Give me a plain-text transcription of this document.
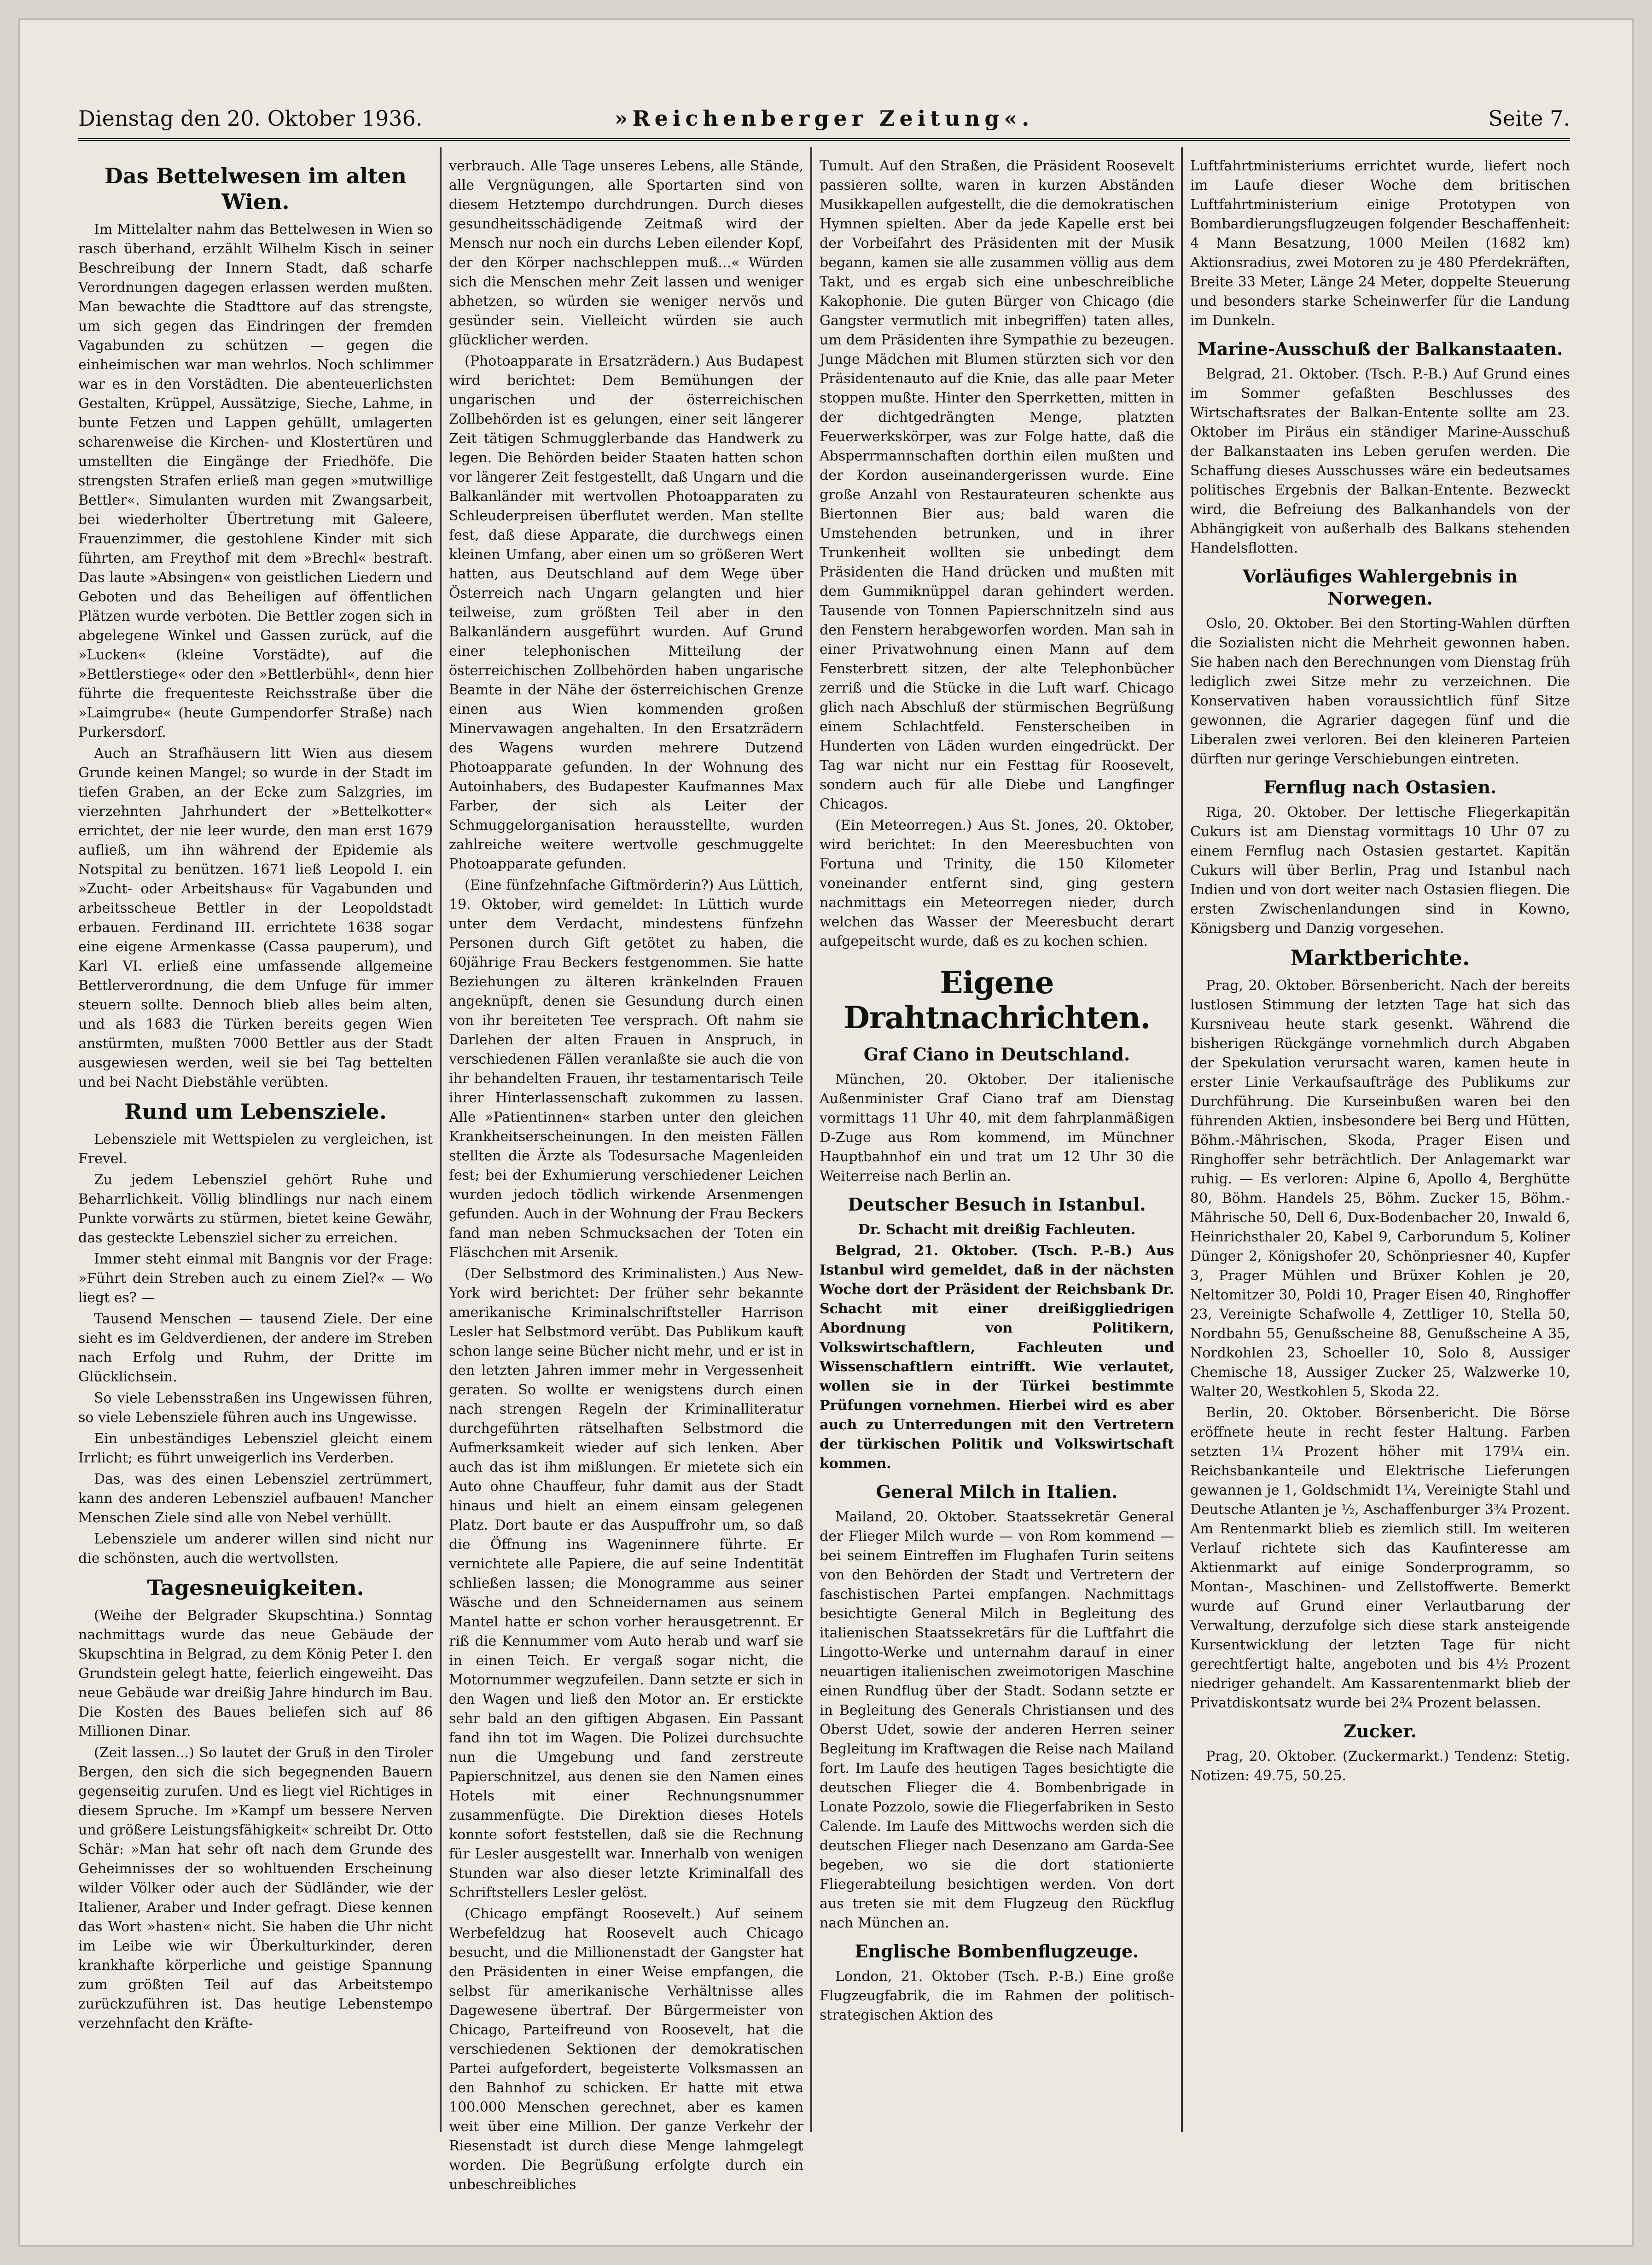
»Reichenberger Zeitung«.
Dienstag den 20. Oktober 1936.	Seite 7.
Das Bettelwesen im alten Wien.

Im Mittelalter nahm das Bettelwesen in Wien so rasch überhand, erzählt Wilhelm Kisch in seiner Beschreibung der Innern Stadt, daß scharfe Verordnungen dagegen erlassen werden mußten. Man bewachte die Stadttore auf das strengste, um sich gegen das Eindringen der fremden Vagabunden zu schützen — gegen die einheimischen war man wehrlos. Noch schlimmer war es in den Vorstädten. Die abenteuerlichsten Gestalten, Krüppel, Aussätzige, Sieche, Lahme, in bunte Fetzen und Lappen gehüllt, umlagerten scharenweise die Kirchen- und Klostertüren und umstellten die Eingänge der Friedhöfe. Die strengsten Strafen erließ man gegen »mutwillige Bettler«. Simulanten wurden mit Zwangsarbeit, bei wiederholter Übertretung mit Galeere, Frauenzimmer, die gestohlene Kinder mit sich führten, am Freythof mit dem »Brechl« bestraft. Das laute »Absingen« von geistlichen Liedern und Geboten und das Beheiligen auf öffentlichen Plätzen wurde verboten. Die Bettler zogen sich in abgelegene Winkel und Gassen zurück, auf die »Lucken« (kleine Vorstädte), auf die »Bettlerstiege« oder den »Bettlerbühl«, denn hier führte die frequenteste Reichsstraße über die »Laimgrube« (heute Gumpendorfer Straße) nach Purkersdorf.

Auch an Strafhäusern litt Wien aus diesem Grunde keinen Mangel; so wurde in der Stadt im tiefen Graben, an der Ecke zum Salzgries, im vierzehnten Jahrhundert der »Bettelkotter« errichtet, der nie leer wurde, den man erst 1679 aufließ, um ihn während der Epidemie als Notspital zu benützen. 1671 ließ Leopold I. ein »Zucht- oder Arbeitshaus« für Vagabunden und arbeitsscheue Bettler in der Leopoldstadt erbauen. Ferdinand III. errichtete 1638 sogar eine eigene Armenkasse (Cassa pauperum), und Karl VI. erließ eine umfassende allgemeine Bettlerverordnung, die dem Unfuge für immer steuern sollte. Dennoch blieb alles beim alten, und als 1683 die Türken bereits gegen Wien anstürmten, mußten 7000 Bettler aus der Stadt ausgewiesen werden, weil sie bei Tag bettelten und bei Nacht Diebstähle verübten.

Rund um Lebensziele.

Lebensziele mit Wettspielen zu vergleichen, ist Frevel.

Zu jedem Lebensziel gehört Ruhe und Beharrlichkeit. Völlig blindlings nur nach einem Punkte vorwärts zu stürmen, bietet keine Gewähr, das gesteckte Lebensziel sicher zu erreichen.

Immer steht einmal mit Bangnis vor der Frage: »Führt dein Streben auch zu einem Ziel?« — Wo liegt es? —

Tausend Menschen — tausend Ziele. Der eine sieht es im Geldverdienen, der andere im Streben nach Erfolg und Ruhm, der Dritte im Glücklichsein.

So viele Lebensstraßen ins Ungewissen führen, so viele Lebensziele führen auch ins Ungewisse.

Ein unbeständiges Lebensziel gleicht einem Irrlicht; es führt unweigerlich ins Verderben.

Das, was des einen Lebensziel zertrümmert, kann des anderen Lebensziel aufbauen! Mancher Menschen Ziele sind alle von Nebel verhüllt.

Lebensziele um anderer willen sind nicht nur die schönsten, auch die wertvollsten.

Tagesneuigkeiten.

(Weihe der Belgrader Skupschtina.) Sonntag nachmittags wurde das neue Gebäude der Skupschtina in Belgrad, zu dem König Peter I. den Grundstein gelegt hatte, feierlich eingeweiht. Das neue Gebäude war dreißig Jahre hindurch im Bau. Die Kosten des Baues beliefen sich auf 86 Millionen Dinar.

(Zeit lassen...) So lautet der Gruß in den Tiroler Bergen, den sich die sich begegnenden Bauern gegenseitig zurufen. Und es liegt viel Richtiges in diesem Spruche. Im »Kampf um bessere Nerven und größere Leistungsfähigkeit« schreibt Dr. Otto Schär: »Man hat sehr oft nach dem Grunde des Geheimnisses der so wohltuenden Erscheinung wilder Völker oder auch der Südländer, wie der Italiener, Araber und Inder gefragt. Diese kennen das Wort »hasten« nicht. Sie haben die Uhr nicht im Leibe wie wir Überkulturkinder, deren krankhafte körperliche und geistige Spannung zum größten Teil auf das Arbeitstempo zurückzuführen ist. Das heutige Lebenstempo verzehnfacht den Kräfte-

verbrauch. Alle Tage unseres Lebens, alle Stände, alle Vergnügungen, alle Sportarten sind von diesem Hetztempo durchdrungen. Durch dieses gesundheitsschädigende Zeitmaß wird der Mensch nur noch ein durchs Leben eilender Kopf, der den Körper nachschleppen muß...« Würden sich die Menschen mehr Zeit lassen und weniger abhetzen, so würden sie weniger nervös und gesünder sein. Vielleicht würden sie auch glücklicher werden.

(Photoapparate in Ersatzrädern.) Aus Budapest wird berichtet: Dem Bemühungen der ungarischen und der österreichischen Zollbehörden ist es gelungen, einer seit längerer Zeit tätigen Schmugglerbande das Handwerk zu legen. Die Behörden beider Staaten hatten schon vor längerer Zeit festgestellt, daß Ungarn und die Balkanländer mit wertvollen Photoapparaten zu Schleuderpreisen überflutet werden. Man stellte fest, daß diese Apparate, die durchwegs einen kleinen Umfang, aber einen um so größeren Wert hatten, aus Deutschland auf dem Wege über Österreich nach Ungarn gelangten und hier teilweise, zum größten Teil aber in den Balkanländern ausgeführt wurden. Auf Grund einer telephonischen Mitteilung der österreichischen Zollbehörden haben ungarische Beamte in der Nähe der österreichischen Grenze einen aus Wien kommenden großen Minervawagen angehalten. In den Ersatzrädern des Wagens wurden mehrere Dutzend Photoapparate gefunden. In der Wohnung des Autoinhabers, des Budapester Kaufmannes Max Farber, der sich als Leiter der Schmuggelorganisation herausstellte, wurden zahlreiche weitere wertvolle geschmuggelte Photoapparate gefunden.

(Eine fünfzehnfache Giftmörderin?) Aus Lüttich, 19. Oktober, wird gemeldet: In Lüttich wurde unter dem Verdacht, mindestens fünfzehn Personen durch Gift getötet zu haben, die 60jährige Frau Beckers festgenommen. Sie hatte Beziehungen zu älteren kränkelnden Frauen angeknüpft, denen sie Gesundung durch einen von ihr bereiteten Tee versprach. Oft nahm sie Darlehen der alten Frauen in Anspruch, in verschiedenen Fällen veranlaßte sie auch die von ihr behandelten Frauen, ihr testamentarisch Teile ihrer Hinterlassenschaft zukommen zu lassen. Alle »Patientinnen« starben unter den gleichen Krankheitserscheinungen. In den meisten Fällen stellten die Ärzte als Todesursache Magenleiden fest; bei der Exhumierung verschiedener Leichen wurden jedoch tödlich wirkende Arsenmengen gefunden. Auch in der Wohnung der Frau Beckers fand man neben Schmucksachen der Toten ein Fläschchen mit Arsenik.

(Der Selbstmord des Kriminalisten.) Aus New-York wird berichtet: Der früher sehr bekannte amerikanische Kriminalschriftsteller Harrison Lesler hat Selbstmord verübt. Das Publikum kauft schon lange seine Bücher nicht mehr, und er ist in den letzten Jahren immer mehr in Vergessenheit geraten. So wollte er wenigstens durch einen nach strengen Regeln der Kriminalliteratur durchgeführten rätselhaften Selbstmord die Aufmerksamkeit wieder auf sich lenken. Aber auch das ist ihm mißlungen. Er mietete sich ein Auto ohne Chauffeur, fuhr damit aus der Stadt hinaus und hielt an einem einsam gelegenen Platz. Dort baute er das Auspuffrohr um, so daß die Öffnung ins Wageninnere führte. Er vernichtete alle Papiere, die auf seine Indentität schließen lassen; die Monogramme aus seiner Wäsche und den Schneidernamen aus seinem Mantel hatte er schon vorher herausgetrennt. Er riß die Kennummer vom Auto herab und warf sie in einen Teich. Er vergaß sogar nicht, die Motornummer wegzufeilen. Dann setzte er sich in den Wagen und ließ den Motor an. Er erstickte sehr bald an den giftigen Abgasen. Ein Passant fand ihn tot im Wagen. Die Polizei durchsuchte nun die Umgebung und fand zerstreute Papierschnitzel, aus denen sie den Namen eines Hotels mit einer Rechnungsnummer zusammenfügte. Die Direktion dieses Hotels konnte sofort feststellen, daß sie die Rechnung für Lesler ausgestellt war. Innerhalb von wenigen Stunden war also dieser letzte Kriminalfall des Schriftstellers Lesler gelöst.

(Chicago empfängt Roosevelt.) Auf seinem Werbefeldzug hat Roosevelt auch Chicago besucht, und die Millionenstadt der Gangster hat den Präsidenten in einer Weise empfangen, die selbst für amerikanische Verhältnisse alles Dagewesene übertraf. Der Bürgermeister von Chicago, Parteifreund von Roosevelt, hat die verschiedenen Sektionen der demokratischen Partei aufgefordert, begeisterte Volksmassen an den Bahnhof zu schicken. Er hatte mit etwa 100.000 Menschen gerechnet, aber es kamen weit über eine Million. Der ganze Verkehr der Riesenstadt ist durch diese Menge lahmgelegt worden. Die Begrüßung erfolgte durch ein unbeschreibliches

Tumult. Auf den Straßen, die Präsident Roosevelt passieren sollte, waren in kurzen Abständen Musikkapellen aufgestellt, die die demokratischen Hymnen spielten. Aber da jede Kapelle erst bei der Vorbeifahrt des Präsidenten mit der Musik begann, kamen sie alle zusammen völlig aus dem Takt, und es ergab sich eine unbeschreibliche Kakophonie. Die guten Bürger von Chicago (die Gangster vermutlich mit inbegriffen) taten alles, um dem Präsidenten ihre Sympathie zu bezeugen. Junge Mädchen mit Blumen stürzten sich vor den Präsidentenauto auf die Knie, das alle paar Meter stoppen mußte. Hinter den Sperrketten, mitten in der dichtgedrängten Menge, platzten Feuerwerkskörper, was zur Folge hatte, daß die Absperrmannschaften dorthin eilen mußten und der Kordon auseinandergerissen wurde. Eine große Anzahl von Restaurateuren schenkte aus Biertonnen Bier aus; bald waren die Umstehenden betrunken, und in ihrer Trunkenheit wollten sie unbedingt dem Präsidenten die Hand drücken und mußten mit dem Gummiknüppel daran gehindert werden. Tausende von Tonnen Papierschnitzeln sind aus den Fenstern herabgeworfen worden. Man sah in einer Privatwohnung einen Mann auf dem Fensterbrett sitzen, der alte Telephonbücher zerriß und die Stücke in die Luft warf. Chicago glich nach Abschluß der stürmischen Begrüßung einem Schlachtfeld. Fensterscheiben in Hunderten von Läden wurden eingedrückt. Der Tag war nicht nur ein Festtag für Roosevelt, sondern auch für alle Diebe und Langfinger Chicagos.

(Ein Meteorregen.) Aus St. Jones, 20. Oktober, wird berichtet: In den Meeresbuchten von Fortuna und Trinity, die 150 Kilometer voneinander entfernt sind, ging gestern nachmittags ein Meteorregen nieder, durch welchen das Wasser der Meeresbucht derart aufgepeitscht wurde, daß es zu kochen schien.

Eigene Drahtnachrichten.
Graf Ciano in Deutschland.

München, 20. Oktober. Der italienische Außenminister Graf Ciano traf am Dienstag vormittags 11 Uhr 40, mit dem fahrplanmäßigen D-Zuge aus Rom kommend, im Münchner Hauptbahnhof ein und trat um 12 Uhr 30 die Weiterreise nach Berlin an.

Deutscher Besuch in Istanbul.

Dr. Schacht mit dreißig Fachleuten.

Belgrad, 21. Oktober. (Tsch. P.-B.) Aus Istanbul wird gemeldet, daß in der nächsten Woche dort der Präsident der Reichsbank Dr. Schacht mit einer dreißiggliedrigen Abordnung von Politikern, Volkswirtschaftlern, Fachleuten und Wissenschaftlern eintrifft. Wie verlautet, wollen sie in der Türkei bestimmte Prüfungen vornehmen. Hierbei wird es aber auch zu Unterredungen mit den Vertretern der türkischen Politik und Volkswirtschaft kommen.

General Milch in Italien.

Mailand, 20. Oktober. Staatssekretär General der Flieger Milch wurde — von Rom kommend — bei seinem Eintreffen im Flughafen Turin seitens von den Behörden der Stadt und Vertretern der faschistischen Partei empfangen. Nachmittags besichtigte General Milch in Begleitung des italienischen Staatssekretärs für die Luftfahrt die Lingotto-Werke und unternahm darauf in einer neuartigen italienischen zweimotorigen Maschine einen Rundflug über der Stadt. Sodann setzte er in Begleitung des Generals Christiansen und des Oberst Udet, sowie der anderen Herren seiner Begleitung im Kraftwagen die Reise nach Mailand fort. Im Laufe des heutigen Tages besichtigte die deutschen Flieger die 4. Bombenbrigade in Lonate Pozzolo, sowie die Fliegerfabriken in Sesto Calende. Im Laufe des Mittwochs werden sich die deutschen Flieger nach Desenzano am Garda-See begeben, wo sie die dort stationierte Fliegerabteilung besichtigen werden. Von dort aus treten sie mit dem Flugzeug den Rückflug nach München an.

Englische Bombenflugzeuge.

London, 21. Oktober (Tsch. P.-B.) Eine große Flugzeugfabrik, die im Rahmen der politisch-strategischen Aktion des

Luftfahrtministeriums errichtet wurde, liefert noch im Laufe dieser Woche dem britischen Luftfahrtministerium einige Prototypen von Bombardierungsflugzeugen folgender Beschaffenheit: 4 Mann Besatzung, 1000 Meilen (1682 km) Aktionsradius, zwei Motoren zu je 480 Pferdekräften, Breite 33 Meter, Länge 24 Meter, doppelte Steuerung und besonders starke Scheinwerfer für die Landung im Dunkeln.

Marine-Ausschuß der Balkanstaaten.

Belgrad, 21. Oktober. (Tsch. P.-B.) Auf Grund eines im Sommer gefaßten Beschlusses des Wirtschaftsrates der Balkan-Entente sollte am 23. Oktober im Piräus ein ständiger Marine-Ausschuß der Balkanstaaten ins Leben gerufen werden. Die Schaffung dieses Ausschusses wäre ein bedeutsames politisches Ergebnis der Balkan-Entente. Bezweckt wird, die Befreiung des Balkanhandels von der Abhängigkeit von außerhalb des Balkans stehenden Handelsflotten.

Vorläufiges Wahlergebnis in Norwegen.

Oslo, 20. Oktober. Bei den Storting-Wahlen dürften die Sozialisten nicht die Mehrheit gewonnen haben. Sie haben nach den Berechnungen vom Dienstag früh lediglich zwei Sitze mehr zu verzeichnen. Die Konservativen haben voraussichtlich fünf Sitze gewonnen, die Agrarier dagegen fünf und die Liberalen zwei verloren. Bei den kleineren Parteien dürften nur geringe Verschiebungen eintreten.

Fernflug nach Ostasien.

Riga, 20. Oktober. Der lettische Fliegerkapitän Cukurs ist am Dienstag vormittags 10 Uhr 07 zu einem Fernflug nach Ostasien gestartet. Kapitän Cukurs will über Berlin, Prag und Istanbul nach Indien und von dort weiter nach Ostasien fliegen. Die ersten Zwischenlandungen sind in Kowno, Königsberg und Danzig vorgesehen.

Marktberichte.

Prag, 20. Oktober. Börsenbericht. Nach der bereits lustlosen Stimmung der letzten Tage hat sich das Kursniveau heute stark gesenkt. Während die bisherigen Rückgänge vornehmlich durch Abgaben der Spekulation verursacht waren, kamen heute in erster Linie Verkaufsaufträge des Publikums zur Durchführung. Die Kurseinbußen waren bei den führenden Aktien, insbesondere bei Berg und Hütten, Böhm.-Mährischen, Skoda, Prager Eisen und Ringhoffer sehr beträchtlich. Der Anlagemarkt war ruhig. — Es verloren: Alpine 6, Apollo 4, Berghütte 80, Böhm. Handels 25, Böhm. Zucker 15, Böhm.-Mährische 50, Dell 6, Dux-Bodenbacher 20, Inwald 6, Heinrichsthaler 20, Kabel 9, Carborundum 5, Koliner Dünger 2, Königshofer 20, Schönpriesner 40, Kupfer 3, Prager Mühlen und Brüxer Kohlen je 20, Neltomitzer 30, Poldi 10, Prager Eisen 40, Ringhoffer 23, Vereinigte Schafwolle 4, Zettliger 10, Stella 50, Nordbahn 55, Genußscheine 88, Genußscheine A 35, Nordkohlen 23, Schoeller 10, Solo 8, Aussiger Chemische 18, Aussiger Zucker 25, Walzwerke 10, Walter 20, Westkohlen 5, Skoda 22.

Berlin, 20. Oktober. Börsenbericht. Die Börse eröffnete heute in recht fester Haltung. Farben setzten 1¼ Prozent höher mit 179¼ ein. Reichsbankanteile und Elektrische Lieferungen gewannen je 1, Goldschmidt 1¼, Vereinigte Stahl und Deutsche Atlanten je ½, Aschaffenburger 3¾ Prozent. Am Rentenmarkt blieb es ziemlich still. Im weiteren Verlauf richtete sich das Kaufinteresse am Aktienmarkt auf einige Sonderprogramm, so Montan-, Maschinen- und Zellstoffwerte. Bemerkt wurde auf Grund einer Verlautbarung der Verwaltung, derzufolge sich diese stark ansteigende Kursentwicklung der letzten Tage für nicht gerechtfertigt halte, angeboten und bis 4½ Prozent niedriger gehandelt. Am Kassarentenmarkt blieb der Privatdiskontsatz wurde bei 2¾ Prozent belassen.

Zucker.

Prag, 20. Oktober. (Zuckermarkt.) Tendenz: Stetig. Notizen: 49.75, 50.25.
